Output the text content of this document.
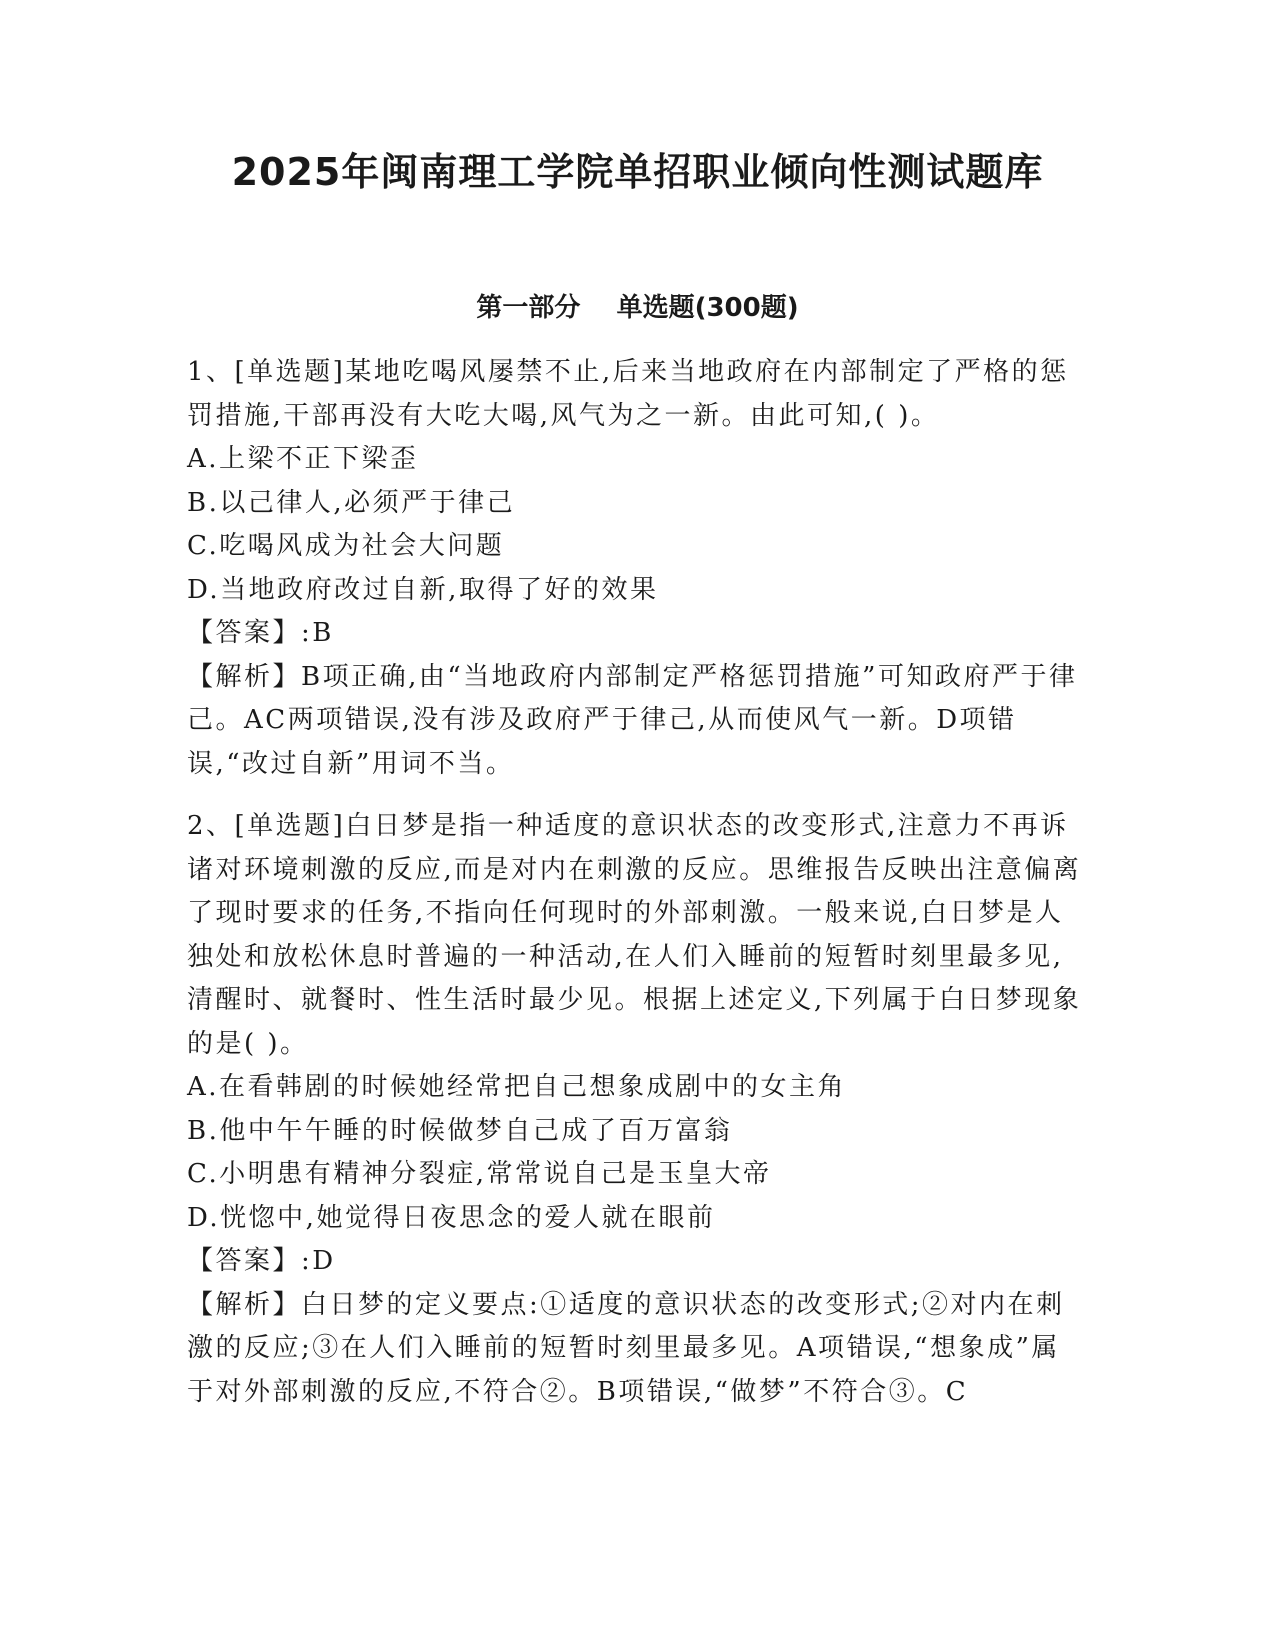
2025年闽南理工学院单招职业倾向性测试题库
第一部分    单选题(300题)

1、[单选题]某地吃喝风屡禁不止,后来当地政府在内部制定了严格的惩罚措施,干部再没有大吃大喝,风气为之一新。由此可知,( )。

A.上梁不正下梁歪

B.以己律人,必须严于律己

C.吃喝风成为社会大问题

D.当地政府改过自新,取得了好的效果

【答案】:B

【解析】B项正确,由“当地政府内部制定严格惩罚措施”可知政府严于律己。AC两项错误,没有涉及政府严于律己,从而使风气一新。D项错误,“改过自新”用词不当。

2、[单选题]白日梦是指一种适度的意识状态的改变形式,注意力不再诉诸对环境刺激的反应,而是对内在刺激的反应。思维报告反映出注意偏离了现时要求的任务,不指向任何现时的外部刺激。一般来说,白日梦是人独处和放松休息时普遍的一种活动,在人们入睡前的短暂时刻里最多见,清醒时、就餐时、性生活时最少见。根据上述定义,下列属于白日梦现象的是( )。

A.在看韩剧的时候她经常把自己想象成剧中的女主角

B.他中午午睡的时候做梦自己成了百万富翁

C.小明患有精神分裂症,常常说自己是玉皇大帝

D.恍惚中,她觉得日夜思念的爱人就在眼前

【答案】:D

【解析】白日梦的定义要点:①适度的意识状态的改变形式;②对内在刺激的反应;③在人们入睡前的短暂时刻里最多见。A项错误,“想象成”属于对外部刺激的反应,不符合②。B项错误,“做梦”不符合③。C
